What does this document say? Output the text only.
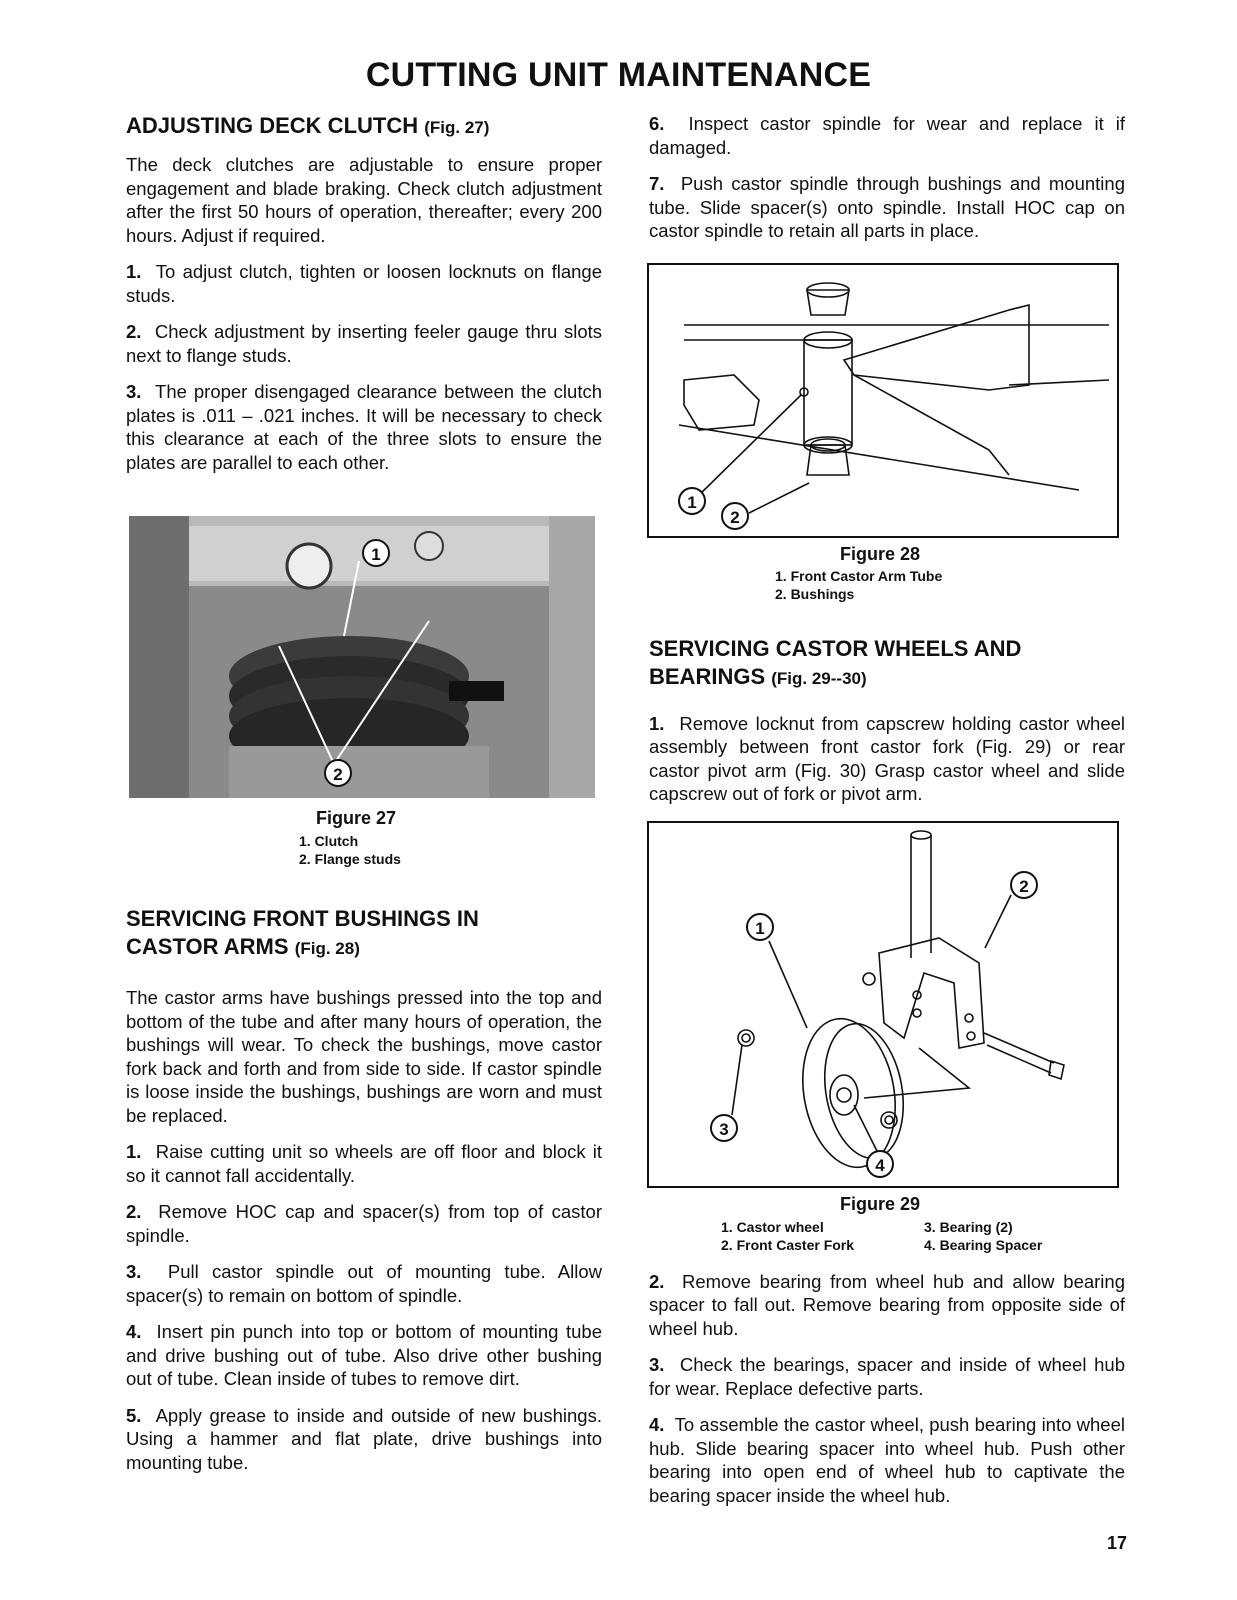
CUTTING UNIT MAINTENANCE
ADJUSTING DECK CLUTCH (Fig. 27)

The deck clutches are adjustable to ensure proper engagement and blade braking. Check clutch adjustment after the first 50 hours of operation, thereafter; every 200 hours. Adjust if required.

1. To adjust clutch, tighten or loosen locknuts on flange studs.

2. Check adjustment by inserting feeler gauge thru slots next to flange studs.

3. The proper disengaged clearance between the clutch plates is .011 – .021 inches. It will be necessary to check this clearance at each of the three slots to ensure the plates are parallel to each other.

1
2
Figure 27
1. Clutch
2. Flange studs
SERVICING FRONT BUSHINGS IN
CASTOR ARMS (Fig. 28)

The castor arms have bushings pressed into the top and bottom of the tube and after many hours of operation, the bushings will wear. To check the bushings, move castor fork back and forth and from side to side. If castor spindle is loose inside the bushings, bushings are worn and must be replaced.

1. Raise cutting unit so wheels are off floor and block it so it cannot fall accidentally.

2. Remove HOC cap and spacer(s) from top of castor spindle.

3. Pull castor spindle out of mounting tube. Allow spacer(s) to remain on bottom of spindle.

4. Insert pin punch into top or bottom of mounting tube and drive bushing out of tube. Also drive other bushing out of tube. Clean inside of tubes to remove dirt.

5. Apply grease to inside and outside of new bushings. Using a hammer and flat plate, drive bushings into mounting tube.

6. Inspect castor spindle for wear and replace it if damaged.

7. Push castor spindle through bushings and mounting tube. Slide spacer(s) onto spindle. Install HOC cap on castor spindle to retain all parts in place.

1
2
Figure 28
1. Front Castor Arm Tube
2. Bushings
SERVICING CASTOR WHEELS AND
BEARINGS (Fig. 29--30)

1. Remove locknut from capscrew holding castor wheel assembly between front castor fork (Fig. 29) or rear castor pivot arm (Fig. 30) Grasp castor wheel and slide capscrew out of fork or pivot arm.

1
2
3
4
Figure 29
1. Castor wheel
2. Front Caster Fork
3. Bearing (2)
4. Bearing Spacer

2. Remove bearing from wheel hub and allow bearing spacer to fall out. Remove bearing from opposite side of wheel hub.

3. Check the bearings, spacer and inside of wheel hub for wear. Replace defective parts.

4. To assemble the castor wheel, push bearing into wheel hub. Slide bearing spacer into wheel hub. Push other bearing into open end of wheel hub to captivate the bearing spacer inside the wheel hub.

17
